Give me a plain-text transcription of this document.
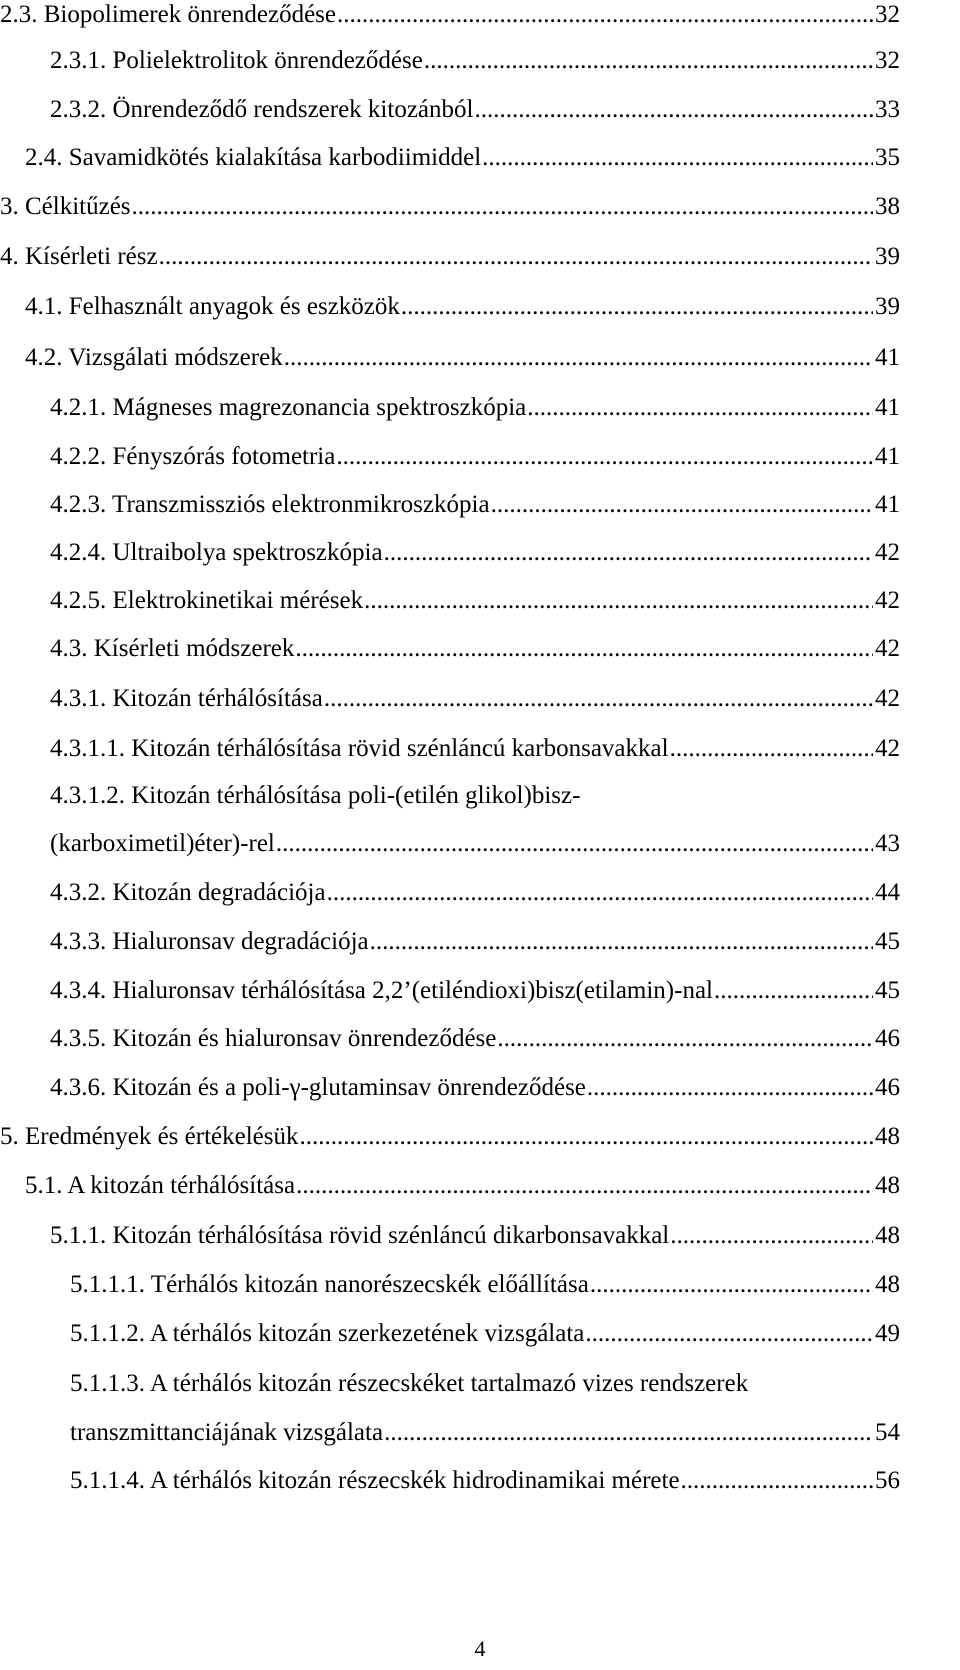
2.3. Biopolimerek önrendeződése .....	32
2.3.1. Polielektrolitok önrendeződése .....	32
2.3.2. Önrendeződő rendszerek kitozánból .....	33
2.4. Savamidkötés kialakítása karbodiimiddel .....	35
3. Célkitűzés .....	38
4. Kísérleti rész .....	39
4.1. Felhasznált anyagok és eszközök .....	39
4.2. Vizsgálati módszerek .....	41
4.2.1. Mágneses magrezonancia spektroszkópia .....	41
4.2.2. Fényszórás fotometria .....	41
4.2.3. Transzmissziós elektronmikroszkópia .....	41
4.2.4. Ultraibolya spektroszkópia .....	42
4.2.5. Elektrokinetikai mérések .....	42
4.3. Kísérleti módszerek .....	42
4.3.1. Kitozán térhálósítása .....	42
4.3.1.1. Kitozán térhálósítása rövid szénláncú karbonsavakkal .....	42
4.3.1.2. Kitozán térhálósítása poli-(etilén glikol)bisz-
(karboximetil)éter)-rel .....	43
4.3.2. Kitozán degradációja .....	44
4.3.3. Hialuronsav degradációja .....	45
4.3.4. Hialuronsav térhálósítása 2,2’(etiléndioxi)bisz(etilamin)-nal .....	45
4.3.5. Kitozán és hialuronsav önrendeződése .....	46
4.3.6. Kitozán és a poli-γ-glutaminsav önrendeződése .....	46
5. Eredmények és értékelésük .....	48
5.1. A kitozán térhálósítása .....	48
5.1.1. Kitozán térhálósítása rövid szénláncú dikarbonsavakkal .....	48
5.1.1.1. Térhálós kitozán nanorészecskék előállítása .....	48
5.1.1.2. A térhálós kitozán szerkezetének vizsgálata .....	49
5.1.1.3. A térhálós kitozán részecskéket tartalmazó vizes rendszerek
transzmittanciájának vizsgálata .....	54
5.1.1.4. A térhálós kitozán részecskék hidrodinamikai mérete .....	56
4
